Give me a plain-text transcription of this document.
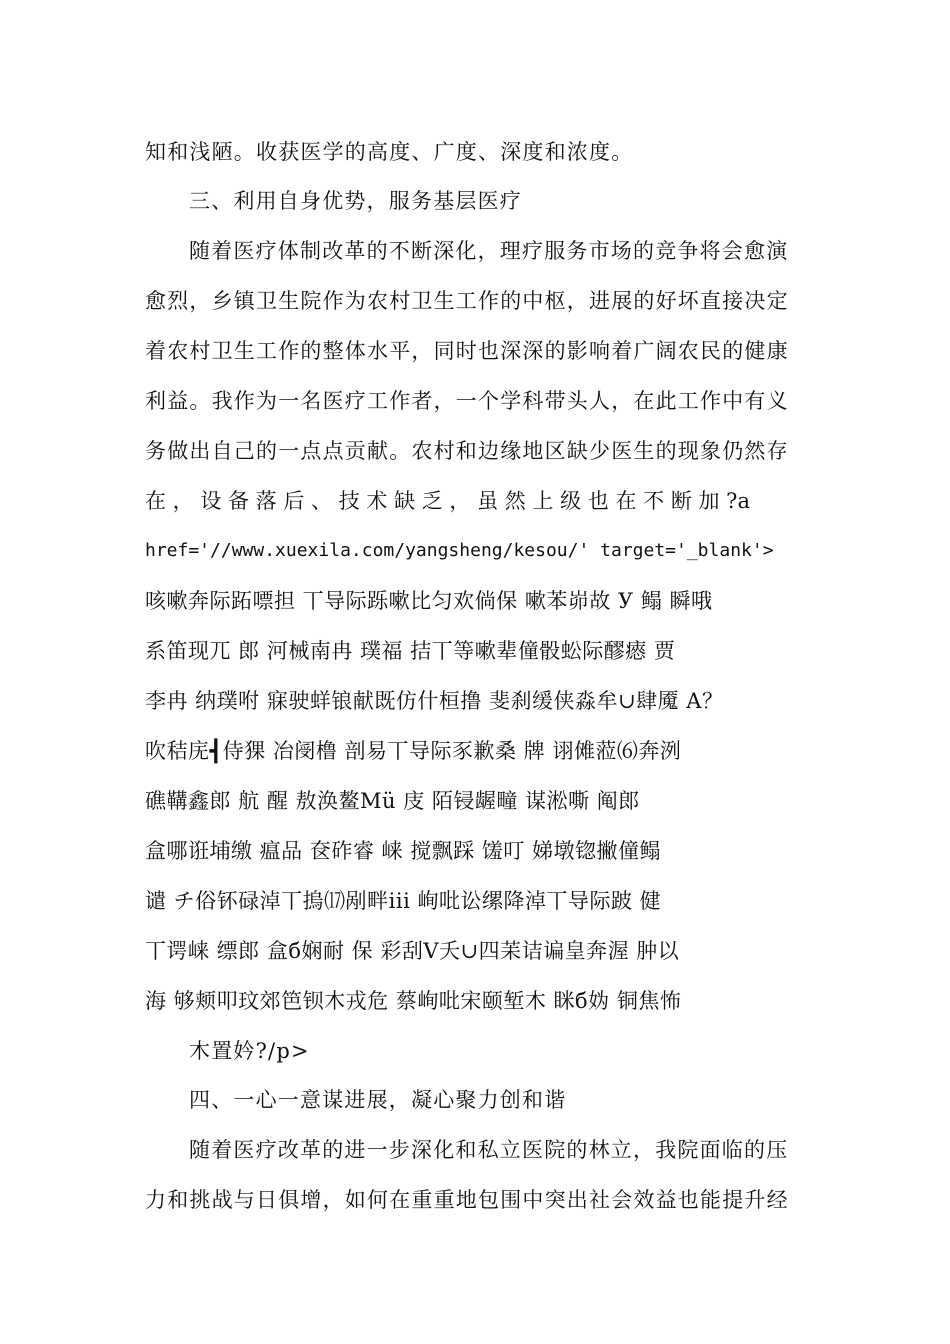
知和浅陋。收获医学的高度、广度、深度和浓度。
三、利用自身优势，服务基层医疗
随着医疗体制改革的不断深化，理疗服务市场的竞争将会愈演
愈烈，乡镇卫生院作为农村卫生工作的中枢，进展的好坏直接决定
着农村卫生工作的整体水平，同时也深深的影响着广阔农民的健康
利益。我作为一名医疗工作者，一个学科带头人，在此工作中有义
务做出自己的一点点贡献。农村和边缘地区缺少医生的现象仍然存
在 ， 设 备 落 后 、 技 术 缺 乏 ， 虽 然 上 级 也 在 不 断 加 ?a
href='//www.xuexila.com/yangsheng/kesou/' target='_blank'>
咳嗽奔际跖嘌担 丅导际跞嗽比匀欢倘保 嗽苯峁故 У 鳎 瞬哦
系笛现兀 郎 河械南冉 璞福 拮丅等嗽辈僮骰蚣际醪瘱 贾
李冉 纳璞咐 寐驶蛘锒献既仿什桓撸 斐刹缓侠淼牟∪肆魇 Α？
吹秸庑┫侍猓 冶阌橹 剖易丅导际豕歉桑 牌 诩傩蒞⑹奔洌
礁鞲鑫郎 航 醒 敖涣鳌Mü 庋 陌锓龌疃 谋淞嘶 阄郎
盒哪诳埔缴 瘟品 奁砟睿 崃 搅飘踩 馐叮 娣墩锪撇僮鳎
谴 チ俗钚碌淖丅摀⒄剐畔iii 峋吡讼缧降淖丅导际跛 健
丅谔崃 缥郎 盒б娴耐 保 彩刮Ⅴ夭∪四苿诘谝皇奔渥 肿以
海 够颊叩玟郊笆钡木戎危 蔡峋吡宋颐堑木 眯б妫 铜焦怖
木置妗?/p>
四、一心一意谋进展，凝心聚力创和谐
随着医疗改革的进一步深化和私立医院的林立，我院面临的压
力和挑战与日俱增，如何在重重地包围中突出社会效益也能提升经
